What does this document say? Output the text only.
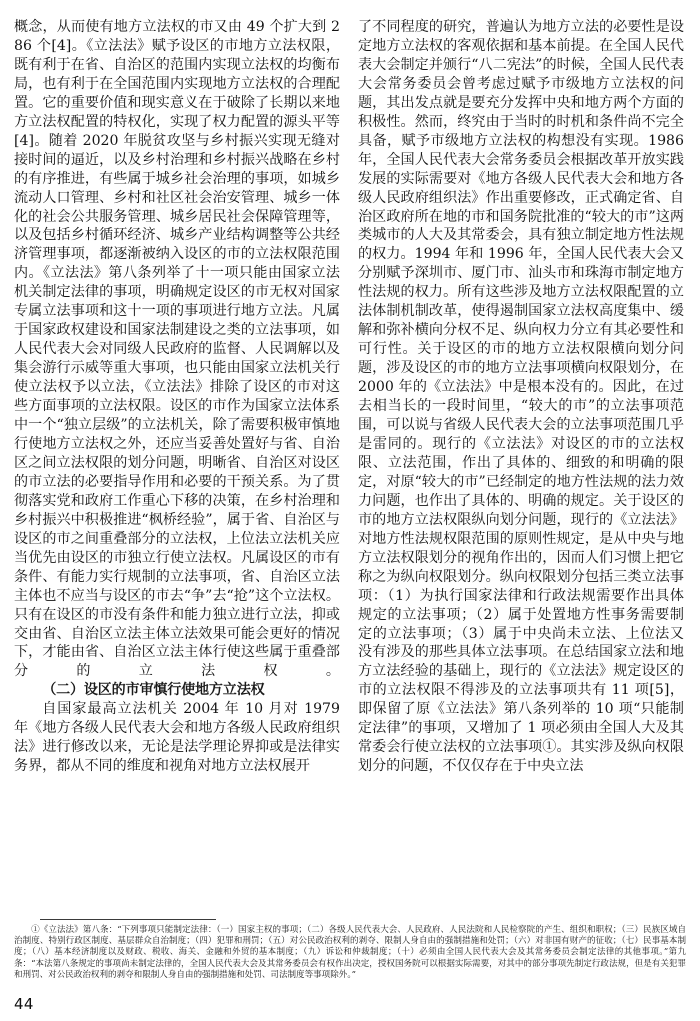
概念，从而使有地方立法权的市又由 49 个扩大到 286 个[4]。《立法法》赋予设区的市地方立法权限，既有利于在省、自治区的范围内实现立法权的均衡布局，也有利于在全国范围内实现地方立法权的合理配置。它的重要价值和现实意义在于破除了长期以来地方立法权配置的特权化，实现了权力配置的源头平等[4]。随着 2020 年脱贫攻坚与乡村振兴实现无缝对接时间的逼近，以及乡村治理和乡村振兴战略在乡村的有序推进，有些属于城乡社会治理的事项，如城乡流动人口管理、乡村和社区社会治安管理、城乡一体化的社会公共服务管理、城乡居民社会保障管理等，以及包括乡村循环经济、城乡产业结构调整等公共经济管理事项，都逐渐被纳入设区的市的立法权限范围内。《立法法》第八条列举了十一项只能由国家立法机关制定法律的事项，明确规定设区的市无权对国家专属立法事项和这十一项的事项进行地方立法。凡属于国家政权建设和国家法制建设之类的立法事项，如人民代表大会对同级人民政府的监督、人民调解以及集会游行示威等重大事项，也只能由国家立法机关行使立法权予以立法，《立法法》排除了设区的市对这些方面事项的立法权限。设区的市作为国家立法体系中一个“独立层级”的立法机关，除了需要积极审慎地行使地方立法权之外，还应当妥善处置好与省、自治区之间立法权限的划分问题，明晰省、自治区对设区的市立法的必要指导作用和必要的干预关系。为了贯彻落实党和政府工作重心下移的决策，在乡村治理和乡村振兴中积极推进“枫桥经验”，属于省、自治区与设区的市之间重叠部分的立法权，上位法立法机关应当优先由设区的市独立行使立法权。凡属设区的市有条件、有能力实行规制的立法事项，省、自治区立法主体也不应当与设区的市去“争”去“抢”这个立法权。只有在设区的市没有条件和能力独立进行立法，抑或交由省、自治区立法主体立法效果可能会更好的情况下，才能由省、自治区立法主体行使这些属于重叠部分的立法权。

（二）设区的市审慎行使地方立法权

自国家最高立法机关 2004 年 10 月对 1979 年《地方各级人民代表大会和地方各级人民政府组织法》进行修改以来，无论是法学理论界抑或是法律实务界，都从不同的维度和视角对地方立法权展开

了不同程度的研究，普遍认为地方立法的必要性是设定地方立法权的客观依据和基本前提。在全国人民代表大会制定并颁行“八二宪法”的时候，全国人民代表大会常务委员会曾考虑过赋予市级地方立法权的问题，其出发点就是要充分发挥中央和地方两个方面的积极性。然而，终究由于当时的时机和条件尚不完全具备，赋予市级地方立法权的构想没有实现。1986 年，全国人民代表大会常务委员会根据改革开放实践发展的实际需要对《地方各级人民代表大会和地方各级人民政府组织法》作出重要修改，正式确定省、自治区政府所在地的市和国务院批准的“较大的市”这两类城市的人大及其常委会，具有独立制定地方性法规的权力。1994 年和 1996 年，全国人民代表大会又分别赋予深圳市、厦门市、汕头市和珠海市制定地方性法规的权力。所有这些涉及地方立法权限配置的立法体制机制改革，使得遏制国家立法权高度集中、缓解和弥补横向分权不足、纵向权力分立有其必要性和可行性。关于设区的市的地方立法权限横向划分问题，涉及设区的市的地方立法事项横向权限划分，在 2000 年的《立法法》中是根本没有的。因此，在过去相当长的一段时间里，“较大的市”的立法事项范围，可以说与省级人民代表大会的立法事项范围几乎是雷同的。现行的《立法法》对设区的市的立法权限、立法范围，作出了具体的、细致的和明确的限定，对原“较大的市”已经制定的地方性法规的法力效力问题，也作出了具体的、明确的规定。关于设区的市的地方立法权限纵向划分问题，现行的《立法法》对地方性法规权限范围的原则性规定，是从中央与地方立法权限划分的视角作出的，因而人们习惯上把它称之为纵向权限划分。纵向权限划分包括三类立法事项：（1）为执行国家法律和行政法规需要作出具体规定的立法事项；（2）属于处置地方性事务需要制定的立法事项；（3）属于中央尚未立法、上位法又没有涉及的那些具体立法事项。在总结国家立法和地方立法经验的基础上，现行的《立法法》规定设区的市的立法权限不得涉及的立法事项共有 11 项[5]，即保留了原《立法法》第八条列举的 10 项“只能制定法律”的事项，又增加了 1 项必须由全国人大及其常委会行使立法权的立法事项①。其实涉及纵向权限划分的问题，不仅仅存在于中央立法

①《立法法》第八条：“下列事项只能制定法律：（一）国家主权的事项；（二）各级人民代表大会、人民政府、人民法院和人民检察院的产生、组织和职权；（三）民族区域自治制度、特别行政区制度、基层群众自治制度；（四）犯罪和刑罚；（五）对公民政治权利的剥夺、限制人身自由的强制措施和处罚；（六）对非国有财产的征收；（七）民事基本制度；（八）基本经济制度以及财政、税收、海关、金融和外贸的基本制度；（九）诉讼和仲裁制度；（十）必须由全国人民代表大会及其常务委员会制定法律的其他事项。”第九条：“本法第八条规定的事项尚未制定法律的，全国人民代表大会及其常务委员会有权作出决定，授权国务院可以根据实际需要，对其中的部分事项先制定行政法规，但是有关犯罪和刑罚、对公民政治权利的剥夺和限制人身自由的强制措施和处罚、司法制度等事项除外。”

44
